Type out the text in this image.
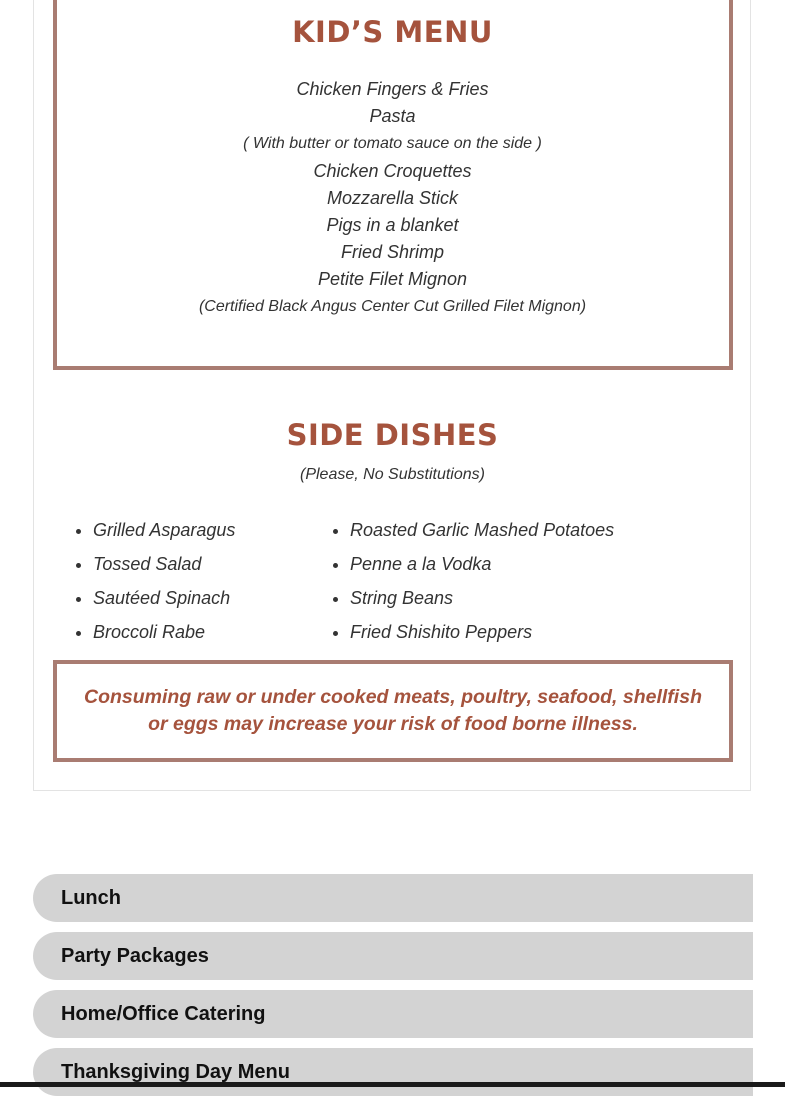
KID’S MENU

Chicken Fingers & Fries

Pasta

( With butter or tomato sauce on the side )

Chicken Croquettes

Mozzarella Stick

Pigs in a blanket

Fried Shrimp

Petite Filet Mignon

(Certified Black Angus Center Cut Grilled Filet Mignon)

SIDE DISHES

(Please, No Substitutions)

• Grilled Asparagus
• Tossed Salad
• Sautéed Spinach
• Broccoli Rabe
• Roasted Garlic Mashed Potatoes
• Penne a la Vodka
• String Beans
• Fried Shishito Peppers

Consuming raw or under cooked meats, poultry, seafood, shellfish or eggs may increase your risk of food borne illness.

Lunch
Party Packages
Home/Office Catering
Thanksgiving Day Menu
